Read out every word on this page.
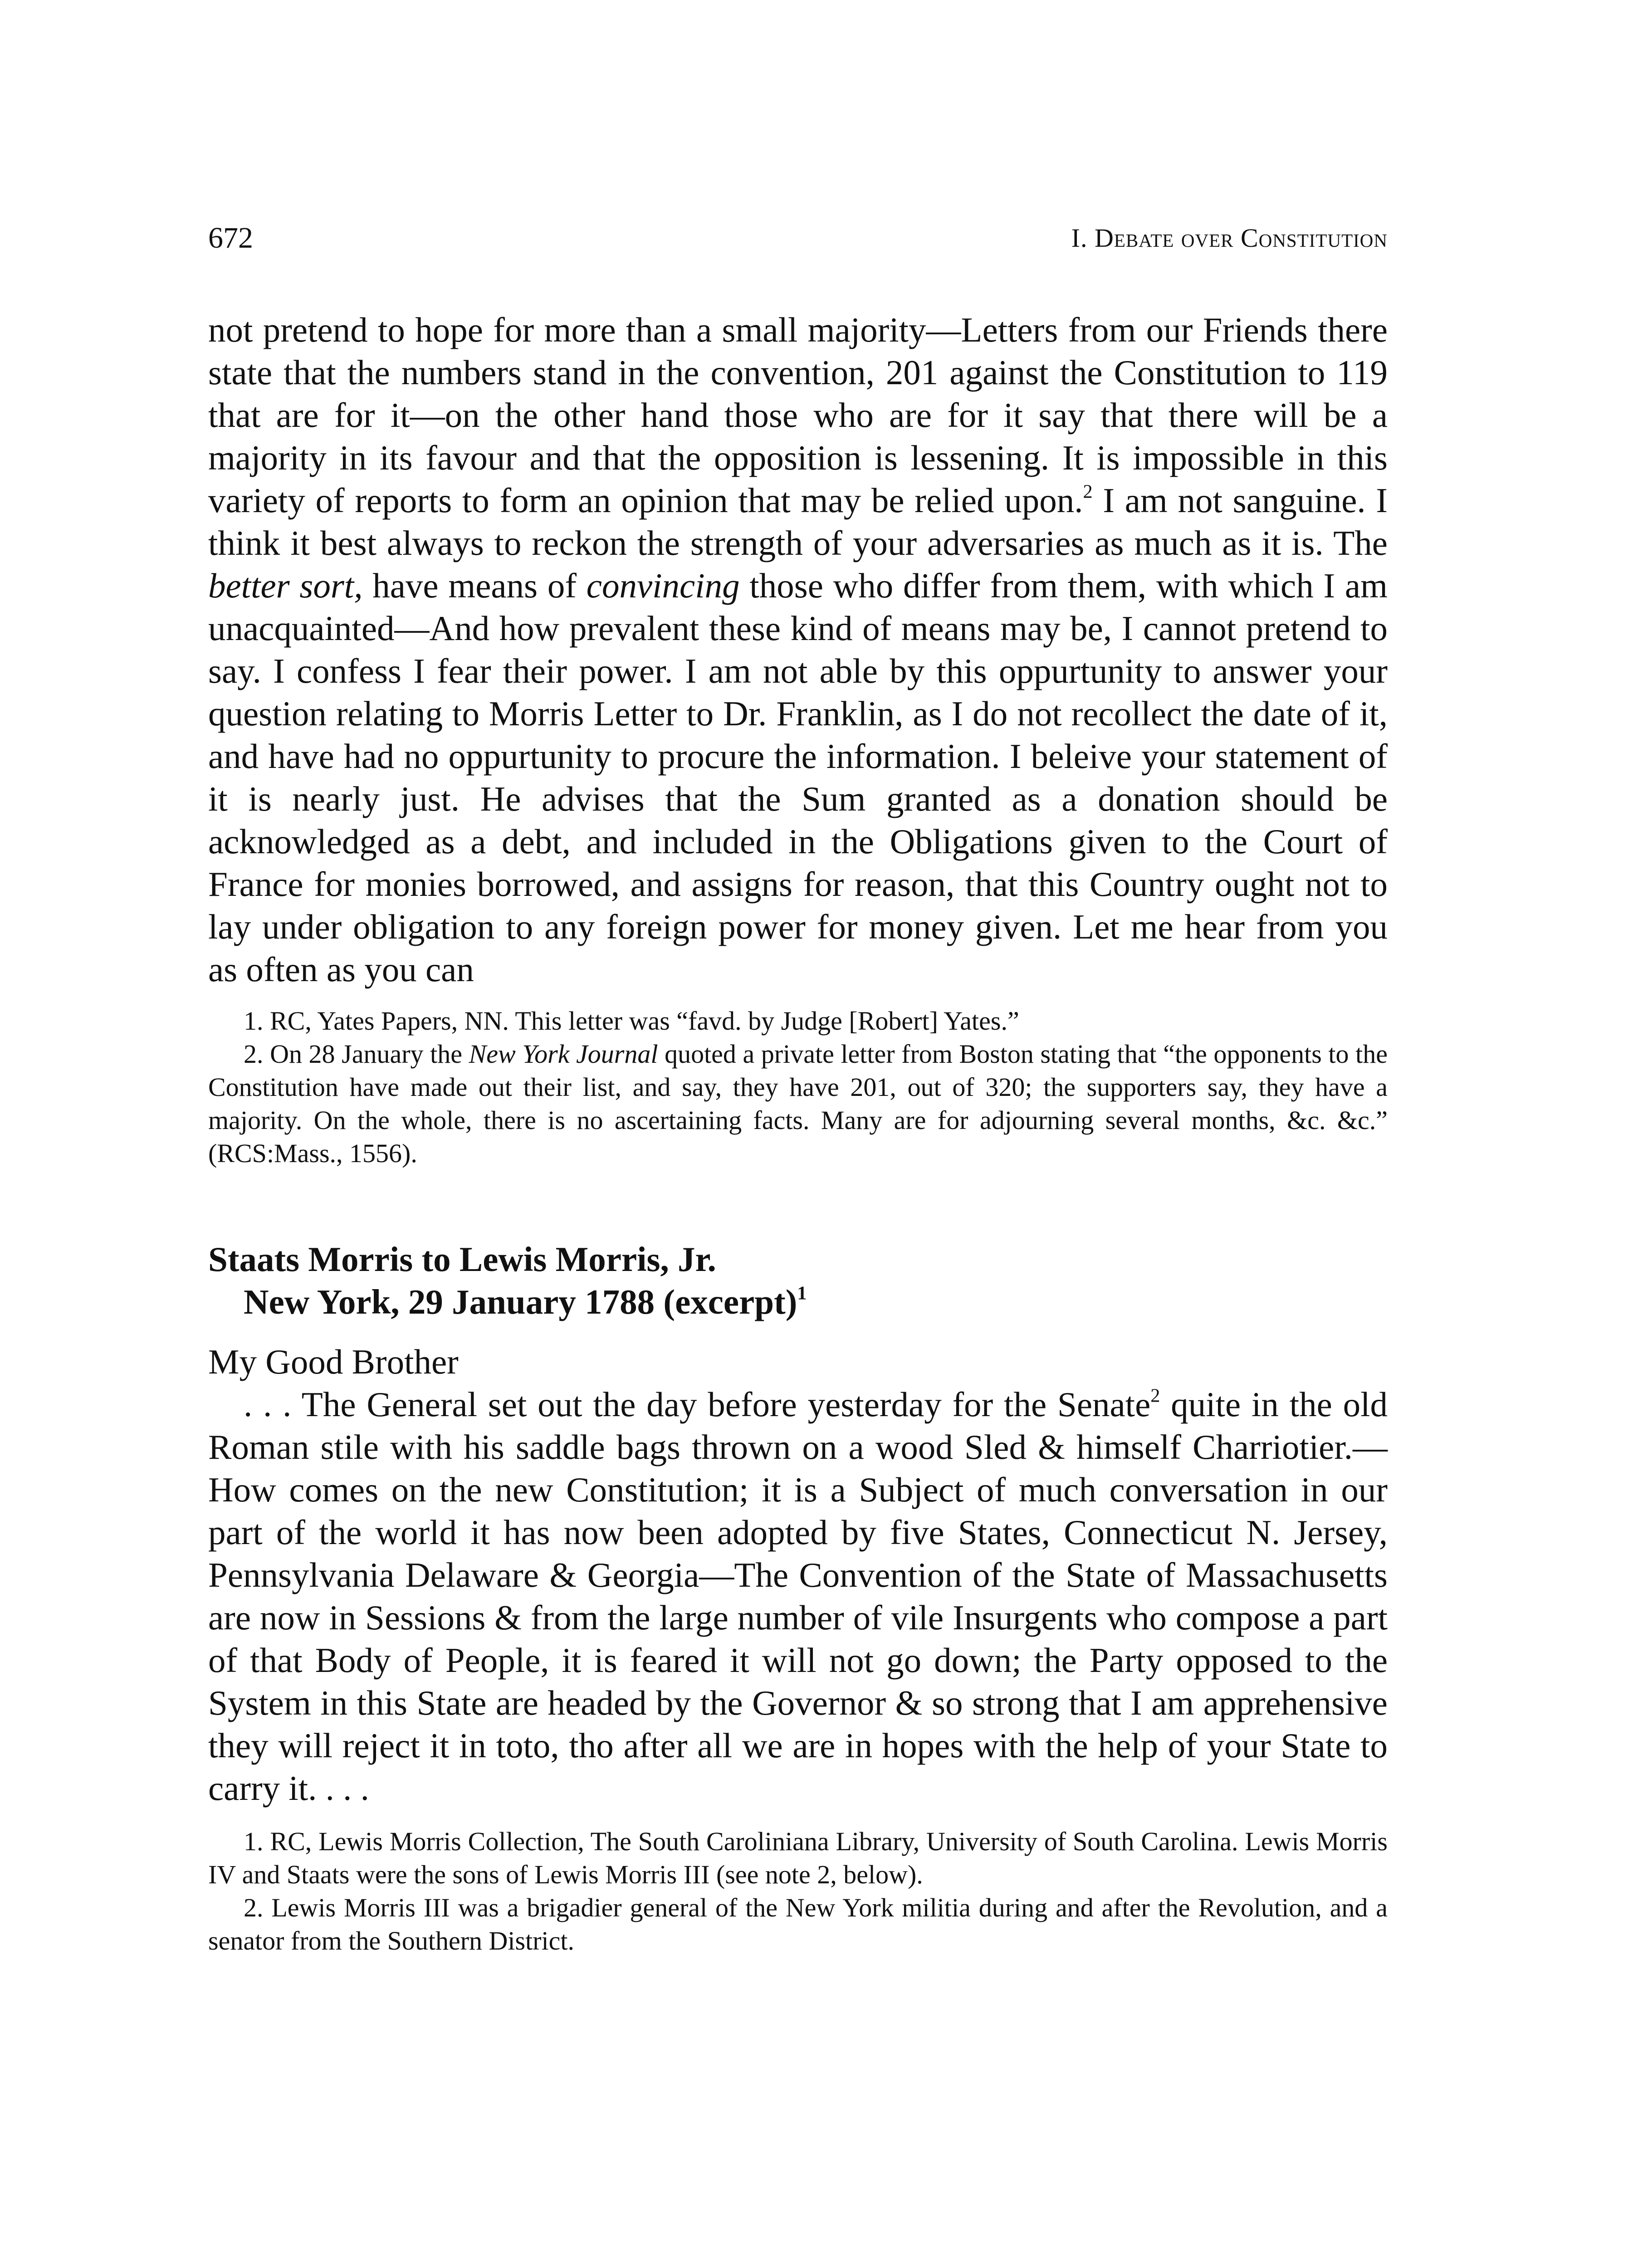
672	I. Debate over Constitution

not pretend to hope for more than a small majority—Letters from our Friends there state that the numbers stand in the convention, 201 against the Constitution to 119 that are for it—on the other hand those who are for it say that there will be a majority in its favour and that the opposition is lessening. It is impossible in this variety of reports to form an opinion that may be relied upon.$^2$ I am not sanguine. I think it best always to reckon the strength of your adversaries as much as it is. The better sort, have means of convincing those who differ from them, with which I am unacquainted—And how prevalent these kind of means may be, I cannot pretend to say. I confess I fear their power. I am not able by this oppurtunity to answer your question relating to Morris Letter to Dr. Franklin, as I do not recollect the date of it, and have had no oppurtunity to procure the information. I beleive your statement of it is nearly just. He advises that the Sum granted as a donation should be acknowledged as a debt, and included in the Obligations given to the Court of France for monies borrowed, and assigns for reason, that this Country ought not to lay under obligation to any foreign power for money given. Let me hear from you as often as you can

1. RC, Yates Papers, NN. This letter was “favd. by Judge [Robert] Yates.”

2. On 28 January the New York Journal quoted a private letter from Boston stating that “the opponents to the Constitution have made out their list, and say, they have 201, out of 320; the supporters say, they have a majority. On the whole, there is no ascertaining facts. Many are for adjourning several months, &c. &c.” (RCS:Mass., 1556).

Staats Morris to Lewis Morris, Jr.
New York, 29 January 1788 (excerpt)$^1$
My Good Brother

. . . The General set out the day before yesterday for the Senate$^2$ quite in the old Roman stile with his saddle bags thrown on a wood Sled & himself Charriotier.—How comes on the new Constitution; it is a Subject of much conversation in our part of the world it has now been adopted by five States, Connecticut N. Jersey, Pennsylvania Delaware & Georgia—The Convention of the State of Massachusetts are now in Sessions & from the large number of vile Insurgents who compose a part of that Body of People, it is feared it will not go down; the Party opposed to the System in this State are headed by the Governor & so strong that I am apprehensive they will reject it in toto, tho after all we are in hopes with the help of your State to carry it. . . .

1. RC, Lewis Morris Collection, The South Caroliniana Library, University of South Carolina. Lewis Morris IV and Staats were the sons of Lewis Morris III (see note 2, below).

2. Lewis Morris III was a brigadier general of the New York militia during and after the Revolution, and a senator from the Southern District.
